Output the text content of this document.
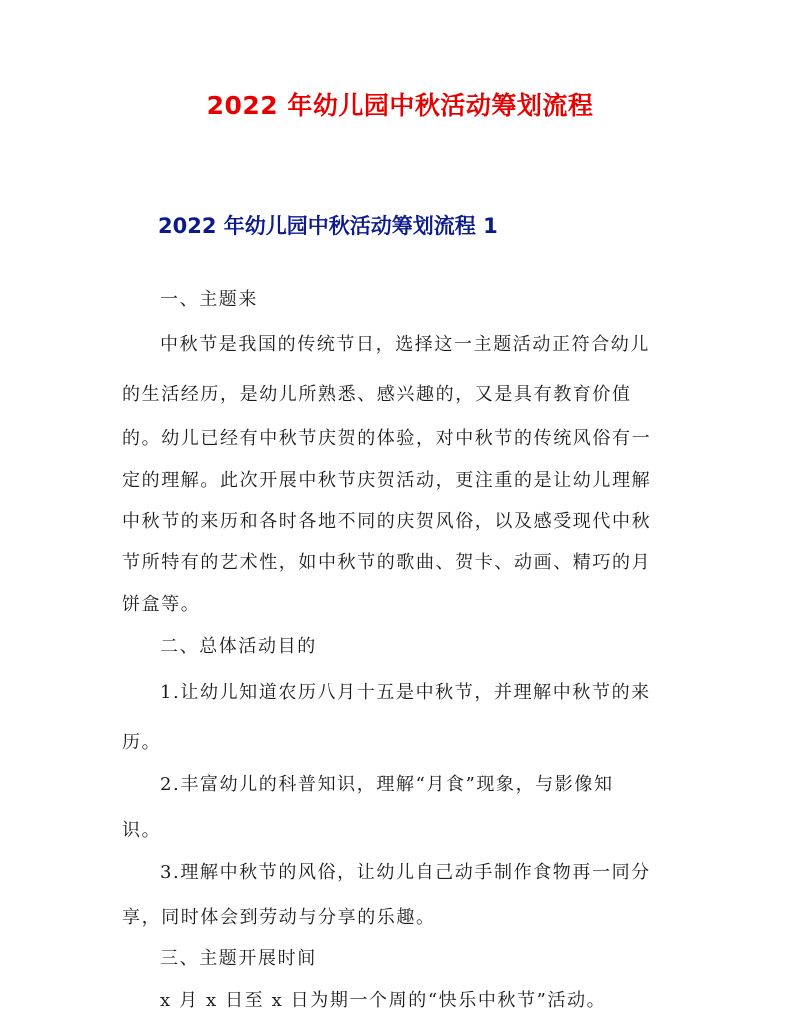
2022 年幼儿园中秋活动筹划流程
2022 年幼儿园中秋活动筹划流程 1
一、主题来
中秋节是我国的传统节日，选择这一主题活动正符合幼儿
的生活经历，是幼儿所熟悉、感兴趣的，又是具有教育价值
的。幼儿已经有中秋节庆贺的体验，对中秋节的传统风俗有一
定的理解。此次开展中秋节庆贺活动，更注重的是让幼儿理解
中秋节的来历和各时各地不同的庆贺风俗，以及感受现代中秋
节所特有的艺术性，如中秋节的歌曲、贺卡、动画、精巧的月
饼盒等。
二、总体活动目的
1.让幼儿知道农历八月十五是中秋节，并理解中秋节的来
历。
2.丰富幼儿的科普知识，理解“月食”现象，与影像知
识。
3.理解中秋节的风俗，让幼儿自己动手制作食物再一同分
享，同时体会到劳动与分享的乐趣。
三、主题开展时间
x 月 x 日至 x 日为期一个周的“快乐中秋节”活动。
